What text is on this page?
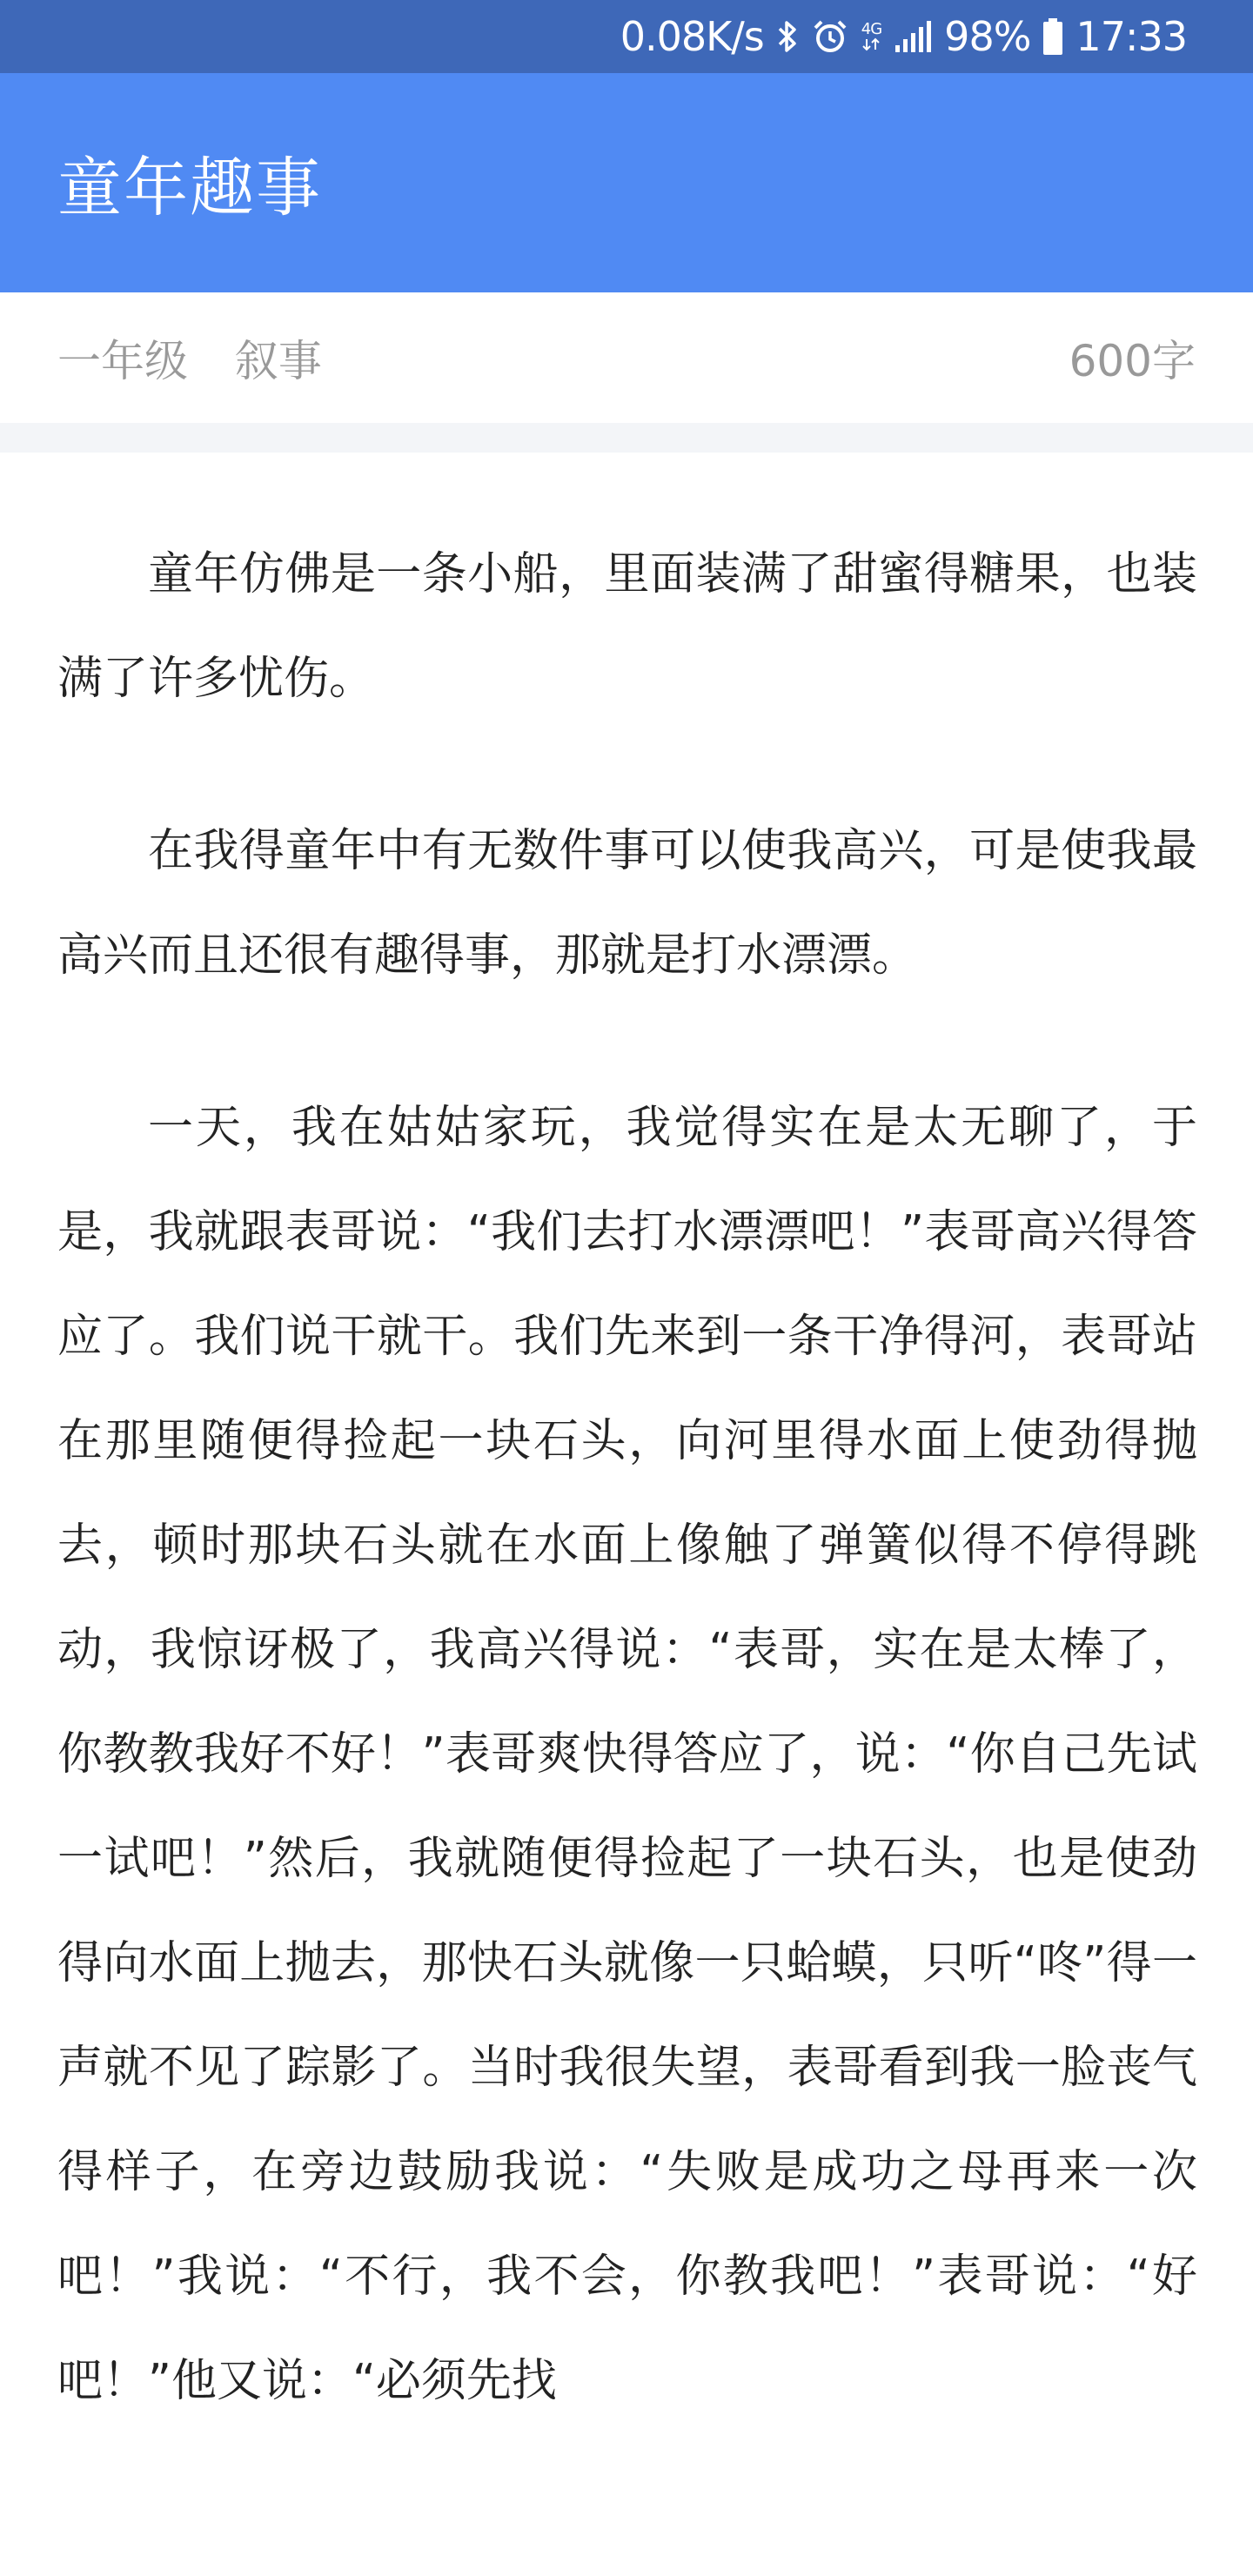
0.08K/s	4G 98% 17:33
童年趣事
一年级 叙事	600字

童年仿佛是一条小船，里面装满了甜蜜得糖果，也装满了许多忧伤。

在我得童年中有无数件事可以使我高兴，可是使我最高兴而且还很有趣得事，那就是打水漂漂。

一天，我在姑姑家玩，我觉得实在是太无聊了，于是，我就跟表哥说：“我们去打水漂漂吧！”表哥高兴得答应了。我们说干就干。我们先来到一条干净得河，表哥站在那里随便得捡起一块石头，向河里得水面上使劲得抛去，顿时那块石头就在水面上像触了弹簧似得不停得跳动，我惊讶极了，我高兴得说：“表哥，实在是太棒了，你教教我好不好！”表哥爽快得答应了，说：“你自己先试一试吧！”然后，我就随便得捡起了一块石头，也是使劲得向水面上抛去，那快石头就像一只蛤蟆，只听“咚”得一声就不见了踪影了。当时我很失望，表哥看到我一脸丧气得样子，在旁边鼓励我说：“失败是成功之母再来一次吧！”我说：“不行，我不会，你教我吧！”表哥说：“好吧！”他又说：“必须先找
